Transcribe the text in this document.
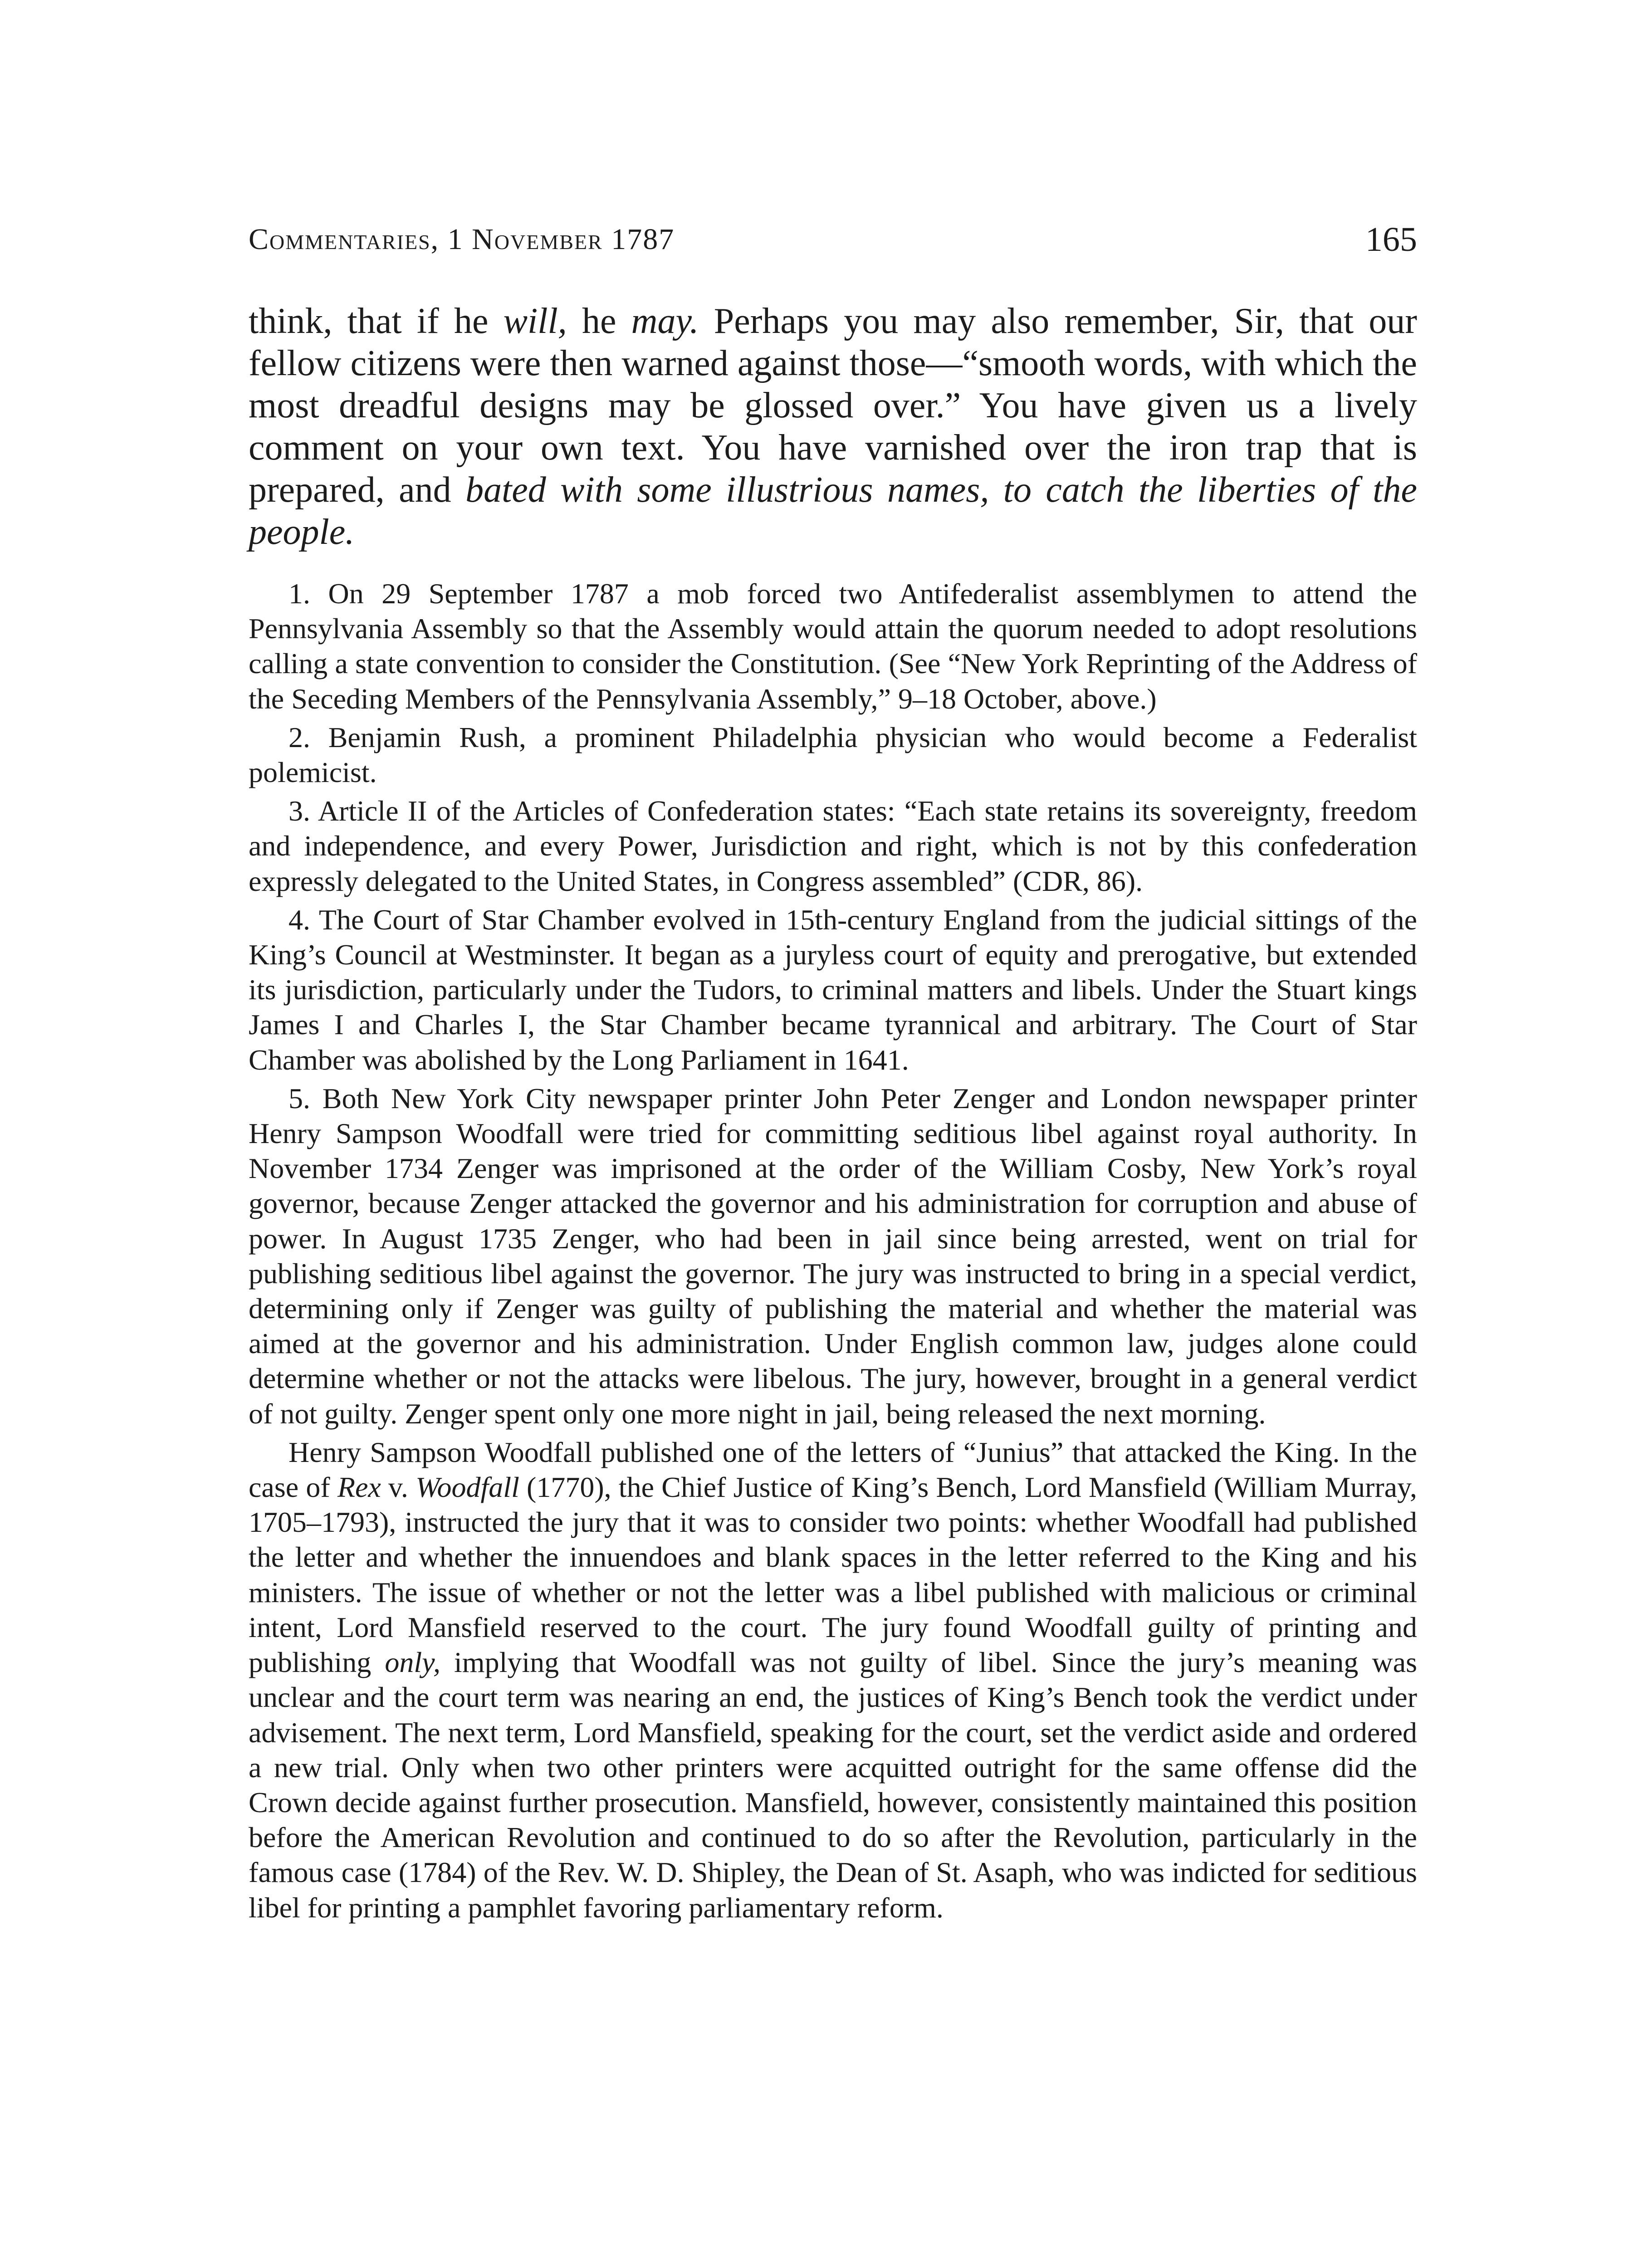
Commentaries, 1 November 1787	165

think, that if he will, he may. Perhaps you may also remember, Sir, that our fellow citizens were then warned against those—“smooth words, with which the most dreadful designs may be glossed over.” You have given us a lively comment on your own text. You have varnished over the iron trap that is prepared, and bated with some illustrious names, to catch the liberties of the people.

1. On 29 September 1787 a mob forced two Antifederalist assemblymen to attend the Pennsylvania Assembly so that the Assembly would attain the quorum needed to adopt resolutions calling a state convention to consider the Constitution. (See “New York Reprinting of the Address of the Seceding Members of the Pennsylvania Assembly,” 9–18 October, above.)

2. Benjamin Rush, a prominent Philadelphia physician who would become a Federalist polemicist.

3. Article II of the Articles of Confederation states: “Each state retains its sovereignty, freedom and independence, and every Power, Jurisdiction and right, which is not by this confederation expressly delegated to the United States, in Congress assembled” (CDR, 86).

4. The Court of Star Chamber evolved in 15th-century England from the judicial sittings of the King’s Council at Westminster. It began as a juryless court of equity and prerogative, but extended its jurisdiction, particularly under the Tudors, to criminal matters and libels. Under the Stuart kings James I and Charles I, the Star Chamber became tyrannical and arbitrary. The Court of Star Chamber was abolished by the Long Parliament in 1641.

5. Both New York City newspaper printer John Peter Zenger and London newspaper printer Henry Sampson Woodfall were tried for committing seditious libel against royal authority. In November 1734 Zenger was imprisoned at the order of the William Cosby, New York’s royal governor, because Zenger attacked the governor and his administration for corruption and abuse of power. In August 1735 Zenger, who had been in jail since being arrested, went on trial for publishing seditious libel against the governor. The jury was instructed to bring in a special verdict, determining only if Zenger was guilty of publishing the material and whether the material was aimed at the governor and his administration. Under English common law, judges alone could determine whether or not the attacks were libelous. The jury, however, brought in a general verdict of not guilty. Zenger spent only one more night in jail, being released the next morning.

Henry Sampson Woodfall published one of the letters of “Junius” that attacked the King. In the case of Rex v. Woodfall (1770), the Chief Justice of King’s Bench, Lord Mansfield (William Murray, 1705–1793), instructed the jury that it was to consider two points: whether Woodfall had published the letter and whether the innuendoes and blank spaces in the letter referred to the King and his ministers. The issue of whether or not the letter was a libel published with malicious or criminal intent, Lord Mansfield reserved to the court. The jury found Woodfall guilty of printing and publishing only, implying that Woodfall was not guilty of libel. Since the jury’s meaning was unclear and the court term was nearing an end, the justices of King’s Bench took the verdict under advisement. The next term, Lord Mansfield, speaking for the court, set the verdict aside and ordered a new trial. Only when two other printers were acquitted outright for the same offense did the Crown decide against further prosecution. Mansfield, however, consistently maintained this position before the American Revolution and continued to do so after the Revolution, particularly in the famous case (1784) of the Rev. W. D. Shipley, the Dean of St. Asaph, who was indicted for seditious libel for printing a pamphlet favoring parliamentary reform.
